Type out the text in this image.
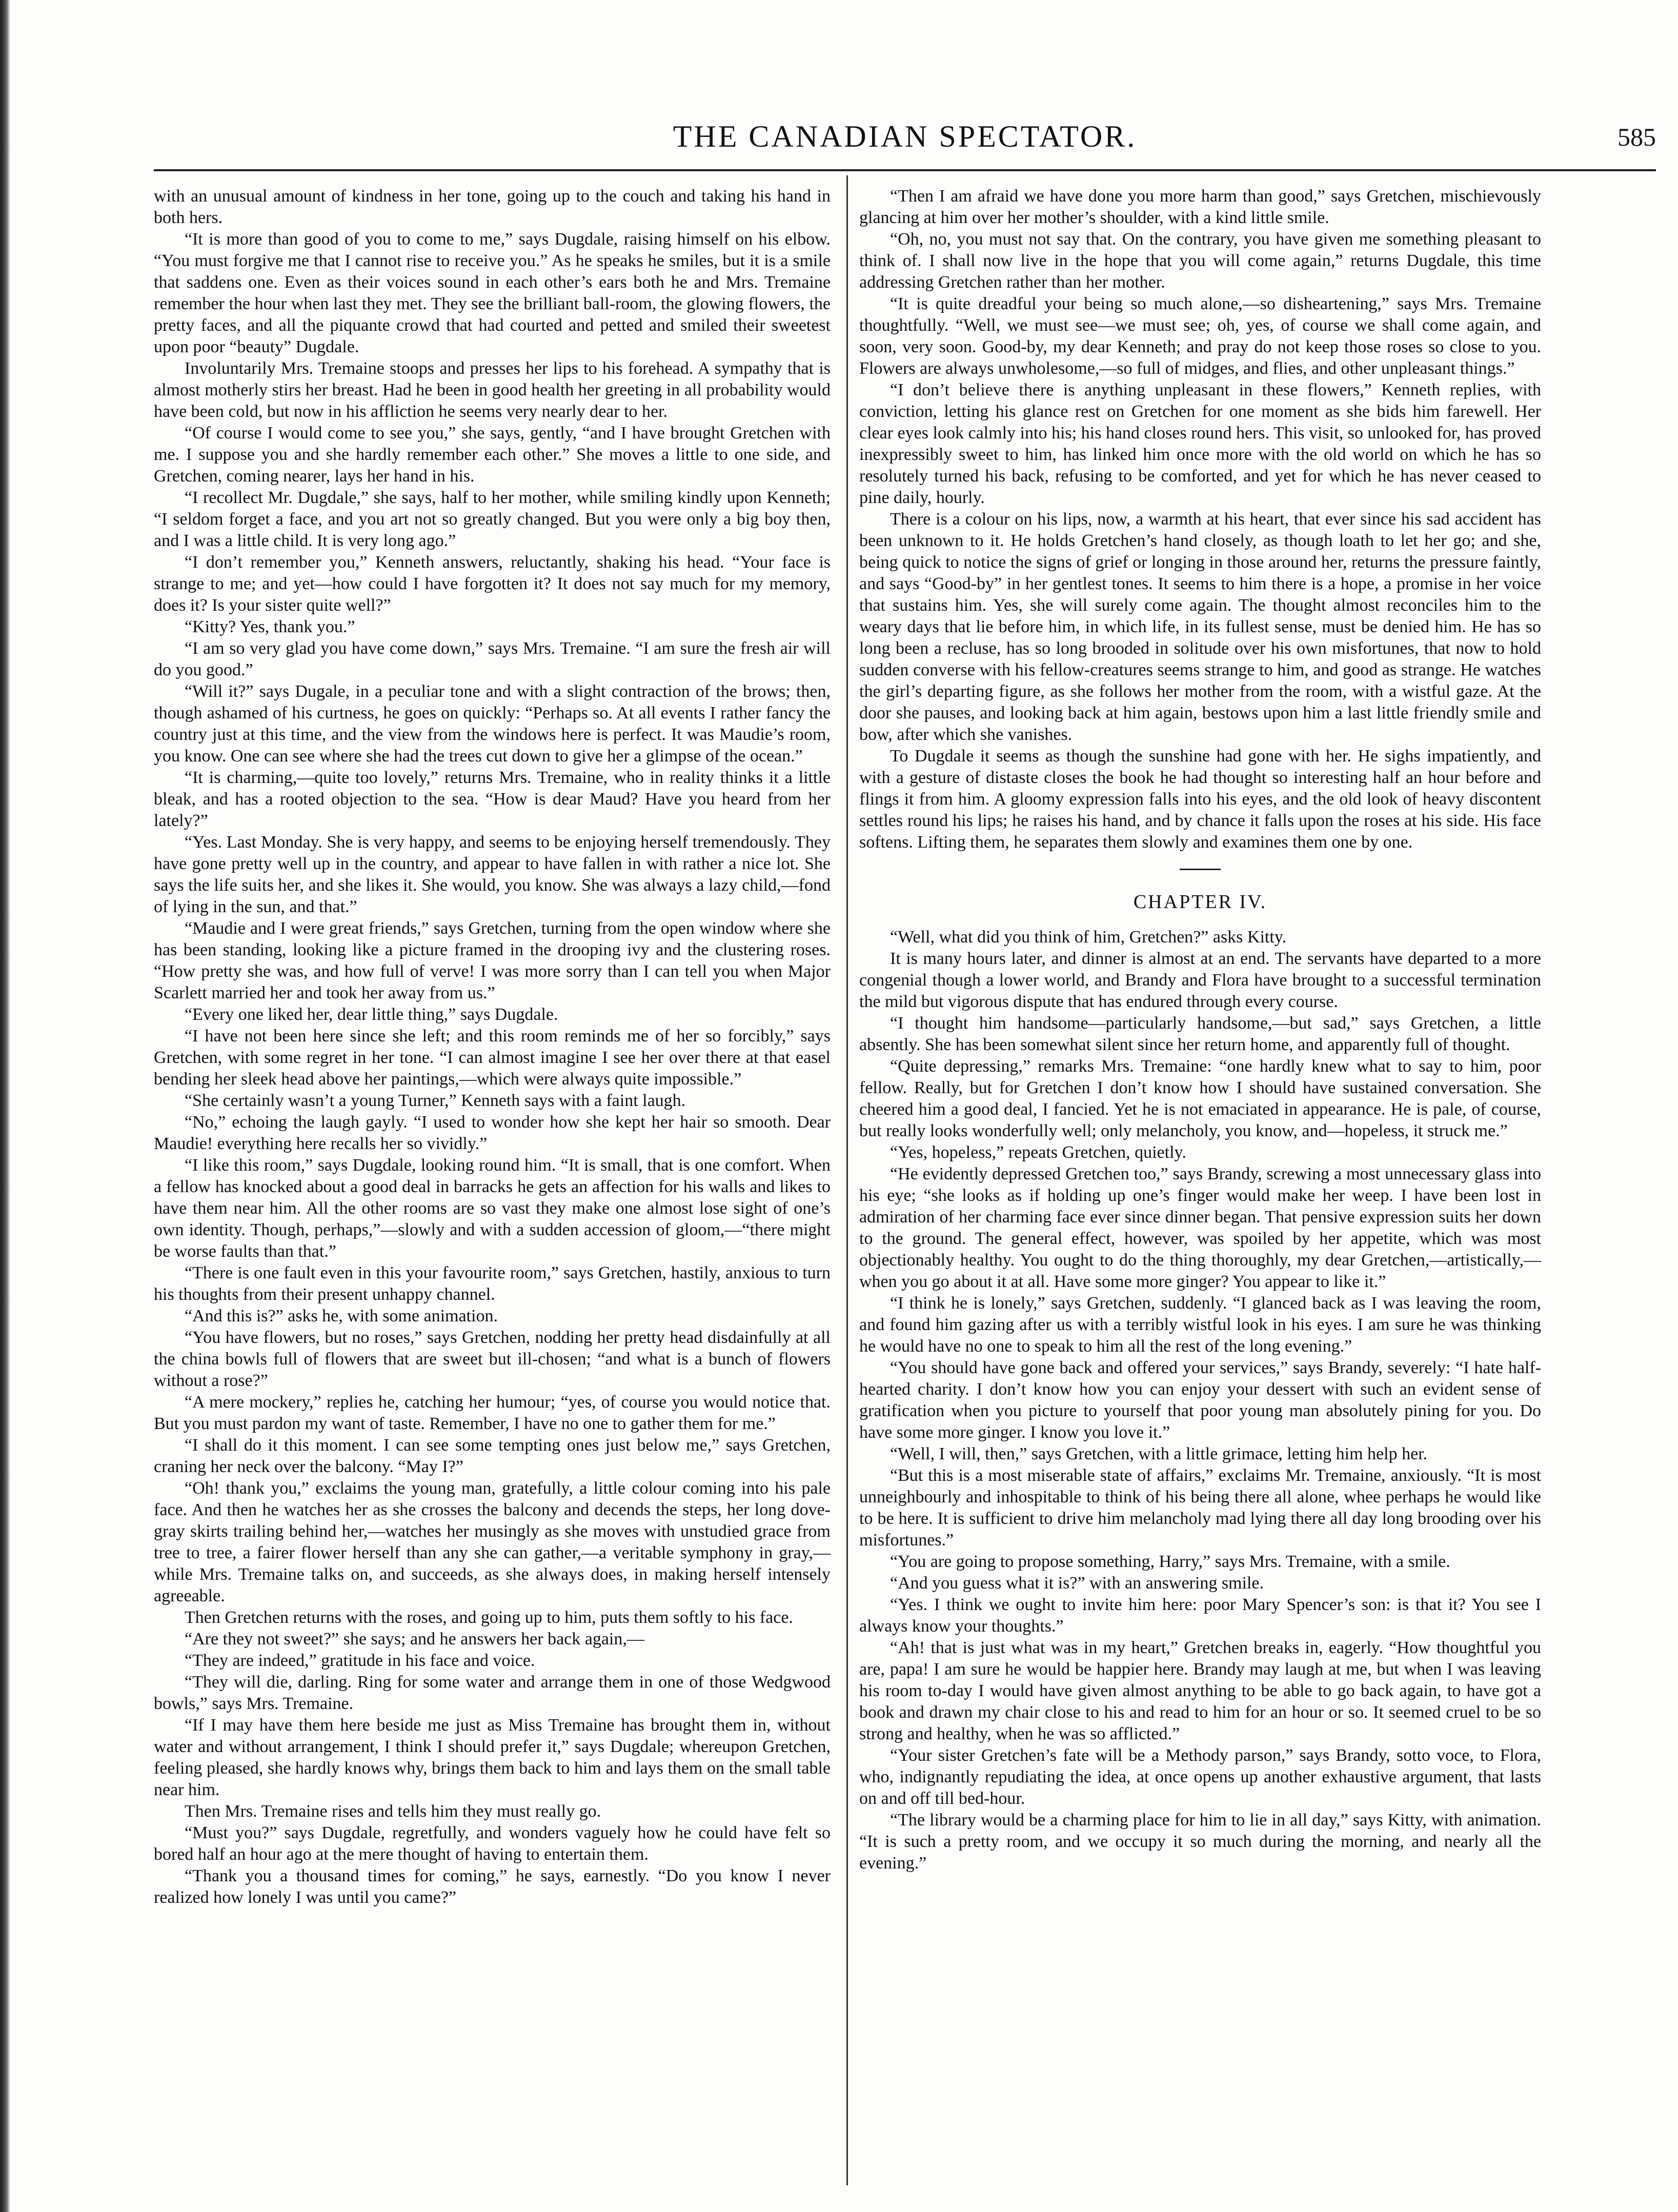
THE CANADIAN SPECTATOR.	585

with an unusual amount of kindness in her tone, going up to the couch and taking his hand in both hers.

“It is more than good of you to come to me,” says Dugdale, raising himself on his elbow. “You must forgive me that I cannot rise to receive you.” As he speaks he smiles, but it is a smile that saddens one. Even as their voices sound in each other’s ears both he and Mrs. Tremaine remember the hour when last they met. They see the brilliant ball-room, the glowing flowers, the pretty faces, and all the piquante crowd that had courted and petted and smiled their sweetest upon poor “beauty” Dugdale.

Involuntarily Mrs. Tremaine stoops and presses her lips to his forehead. A sympathy that is almost motherly stirs her breast. Had he been in good health her greeting in all probability would have been cold, but now in his affliction he seems very nearly dear to her.

“Of course I would come to see you,” she says, gently, “and I have brought Gretchen with me. I suppose you and she hardly remember each other.” She moves a little to one side, and Gretchen, coming nearer, lays her hand in his.

“I recollect Mr. Dugdale,” she says, half to her mother, while smiling kindly upon Kenneth; “I seldom forget a face, and you art not so greatly changed. But you were only a big boy then, and I was a little child. It is very long ago.”

“I don’t remember you,” Kenneth answers, reluctantly, shaking his head. “Your face is strange to me; and yet—how could I have forgotten it? It does not say much for my memory, does it? Is your sister quite well?”

“Kitty? Yes, thank you.”

“I am so very glad you have come down,” says Mrs. Tremaine. “I am sure the fresh air will do you good.”

“Will it?” says Dugale, in a peculiar tone and with a slight contraction of the brows; then, though ashamed of his curtness, he goes on quickly: “Perhaps so. At all events I rather fancy the country just at this time, and the view from the windows here is perfect. It was Maudie’s room, you know. One can see where she had the trees cut down to give her a glimpse of the ocean.”

“It is charming,—quite too lovely,” returns Mrs. Tremaine, who in reality thinks it a little bleak, and has a rooted objection to the sea. “How is dear Maud? Have you heard from her lately?”

“Yes. Last Monday. She is very happy, and seems to be enjoying herself tremendously. They have gone pretty well up in the country, and appear to have fallen in with rather a nice lot. She says the life suits her, and she likes it. She would, you know. She was always a lazy child,—fond of lying in the sun, and that.”

“Maudie and I were great friends,” says Gretchen, turning from the open window where she has been standing, looking like a picture framed in the drooping ivy and the clustering roses. “How pretty she was, and how full of verve! I was more sorry than I can tell you when Major Scarlett married her and took her away from us.”

“Every one liked her, dear little thing,” says Dugdale.

“I have not been here since she left; and this room reminds me of her so forcibly,” says Gretchen, with some regret in her tone. “I can almost imagine I see her over there at that easel bending her sleek head above her paintings,—which were always quite impossible.”

“She certainly wasn’t a young Turner,” Kenneth says with a faint laugh.

“No,” echoing the laugh gayly. “I used to wonder how she kept her hair so smooth. Dear Maudie! everything here recalls her so vividly.”

“I like this room,” says Dugdale, looking round him. “It is small, that is one comfort. When a fellow has knocked about a good deal in barracks he gets an affection for his walls and likes to have them near him. All the other rooms are so vast they make one almost lose sight of one’s own identity. Though, perhaps,”—slowly and with a sudden accession of gloom,—“there might be worse faults than that.”

“There is one fault even in this your favourite room,” says Gretchen, hastily, anxious to turn his thoughts from their present unhappy channel.

“And this is?” asks he, with some animation.

“You have flowers, but no roses,” says Gretchen, nodding her pretty head disdainfully at all the china bowls full of flowers that are sweet but ill-chosen; “and what is a bunch of flowers without a rose?”

“A mere mockery,” replies he, catching her humour; “yes, of course you would notice that. But you must pardon my want of taste. Remember, I have no one to gather them for me.”

“I shall do it this moment. I can see some tempting ones just below me,” says Gretchen, craning her neck over the balcony. “May I?”

“Oh! thank you,” exclaims the young man, gratefully, a little colour coming into his pale face. And then he watches her as she crosses the balcony and decends the steps, her long dove-gray skirts trailing behind her,—watches her musingly as she moves with unstudied grace from tree to tree, a fairer flower herself than any she can gather,—a veritable symphony in gray,—while Mrs. Tremaine talks on, and succeeds, as she always does, in making herself intensely agreeable.

Then Gretchen returns with the roses, and going up to him, puts them softly to his face.

“Are they not sweet?” she says; and he answers her back again,—

“They are indeed,” gratitude in his face and voice.

“They will die, darling. Ring for some water and arrange them in one of those Wedgwood bowls,” says Mrs. Tremaine.

“If I may have them here beside me just as Miss Tremaine has brought them in, without water and without arrangement, I think I should prefer it,” says Dugdale; whereupon Gretchen, feeling pleased, she hardly knows why, brings them back to him and lays them on the small table near him.

Then Mrs. Tremaine rises and tells him they must really go.

“Must you?” says Dugdale, regretfully, and wonders vaguely how he could have felt so bored half an hour ago at the mere thought of having to entertain them.

“Thank you a thousand times for coming,” he says, earnestly. “Do you know I never realized how lonely I was until you came?”

“Then I am afraid we have done you more harm than good,” says Gretchen, mischievously glancing at him over her mother’s shoulder, with a kind little smile.

“Oh, no, you must not say that. On the contrary, you have given me something pleasant to think of. I shall now live in the hope that you will come again,” returns Dugdale, this time addressing Gretchen rather than her mother.

“It is quite dreadful your being so much alone,—so disheartening,” says Mrs. Tremaine thoughtfully. “Well, we must see—we must see; oh, yes, of course we shall come again, and soon, very soon. Good-by, my dear Kenneth; and pray do not keep those roses so close to you. Flowers are always unwholesome,—so full of midges, and flies, and other unpleasant things.”

“I don’t believe there is anything unpleasant in these flowers,” Kenneth replies, with conviction, letting his glance rest on Gretchen for one moment as she bids him farewell. Her clear eyes look calmly into his; his hand closes round hers. This visit, so unlooked for, has proved inexpressibly sweet to him, has linked him once more with the old world on which he has so resolutely turned his back, refusing to be comforted, and yet for which he has never ceased to pine daily, hourly.

There is a colour on his lips, now, a warmth at his heart, that ever since his sad accident has been unknown to it. He holds Gretchen’s hand closely, as though loath to let her go; and she, being quick to notice the signs of grief or longing in those around her, returns the pressure faintly, and says “Good-by” in her gentlest tones. It seems to him there is a hope, a promise in her voice that sustains him. Yes, she will surely come again. The thought almost reconciles him to the weary days that lie before him, in which life, in its fullest sense, must be denied him. He has so long been a recluse, has so long brooded in solitude over his own misfortunes, that now to hold sudden converse with his fellow-creatures seems strange to him, and good as strange. He watches the girl’s departing figure, as she follows her mother from the room, with a wistful gaze. At the door she pauses, and looking back at him again, bestows upon him a last little friendly smile and bow, after which she vanishes.

To Dugdale it seems as though the sunshine had gone with her. He sighs impatiently, and with a gesture of distaste closes the book he had thought so interesting half an hour before and flings it from him. A gloomy expression falls into his eyes, and the old look of heavy discontent settles round his lips; he raises his hand, and by chance it falls upon the roses at his side. His face softens. Lifting them, he separates them slowly and examines them one by one.

CHAPTER IV.

“Well, what did you think of him, Gretchen?” asks Kitty.

It is many hours later, and dinner is almost at an end. The servants have departed to a more congenial though a lower world, and Brandy and Flora have brought to a successful termination the mild but vigorous dispute that has endured through every course.

“I thought him handsome—particularly handsome,—but sad,” says Gretchen, a little absently. She has been somewhat silent since her return home, and apparently full of thought.

“Quite depressing,” remarks Mrs. Tremaine: “one hardly knew what to say to him, poor fellow. Really, but for Gretchen I don’t know how I should have sustained conversation. She cheered him a good deal, I fancied. Yet he is not emaciated in appearance. He is pale, of course, but really looks wonderfully well; only melancholy, you know, and—hopeless, it struck me.”

“Yes, hopeless,” repeats Gretchen, quietly.

“He evidently depressed Gretchen too,” says Brandy, screwing a most unnecessary glass into his eye; “she looks as if holding up one’s finger would make her weep. I have been lost in admiration of her charming face ever since dinner began. That pensive expression suits her down to the ground. The general effect, however, was spoiled by her appetite, which was most objectionably healthy. You ought to do the thing thoroughly, my dear Gretchen,—artistically,—when you go about it at all. Have some more ginger? You appear to like it.”

“I think he is lonely,” says Gretchen, suddenly. “I glanced back as I was leaving the room, and found him gazing after us with a terribly wistful look in his eyes. I am sure he was thinking he would have no one to speak to him all the rest of the long evening.”

“You should have gone back and offered your services,” says Brandy, severely: “I hate half-hearted charity. I don’t know how you can enjoy your dessert with such an evident sense of gratification when you picture to yourself that poor young man absolutely pining for you. Do have some more ginger. I know you love it.”

“Well, I will, then,” says Gretchen, with a little grimace, letting him help her.

“But this is a most miserable state of affairs,” exclaims Mr. Tremaine, anxiously. “It is most unneighbourly and inhospitable to think of his being there all alone, whee perhaps he would like to be here. It is sufficient to drive him melancholy mad lying there all day long brooding over his misfortunes.”

“You are going to propose something, Harry,” says Mrs. Tremaine, with a smile.

“And you guess what it is?” with an answering smile.

“Yes. I think we ought to invite him here: poor Mary Spencer’s son: is that it? You see I always know your thoughts.”

“Ah! that is just what was in my heart,” Gretchen breaks in, eagerly. “How thoughtful you are, papa! I am sure he would be happier here. Brandy may laugh at me, but when I was leaving his room to-day I would have given almost anything to be able to go back again, to have got a book and drawn my chair close to his and read to him for an hour or so. It seemed cruel to be so strong and healthy, when he was so afflicted.”

“Your sister Gretchen’s fate will be a Methody parson,” says Brandy, sotto voce, to Flora, who, indignantly repudiating the idea, at once opens up another exhaustive argument, that lasts on and off till bed-hour.

“The library would be a charming place for him to lie in all day,” says Kitty, with animation. “It is such a pretty room, and we occupy it so much during the morning, and nearly all the evening.”
